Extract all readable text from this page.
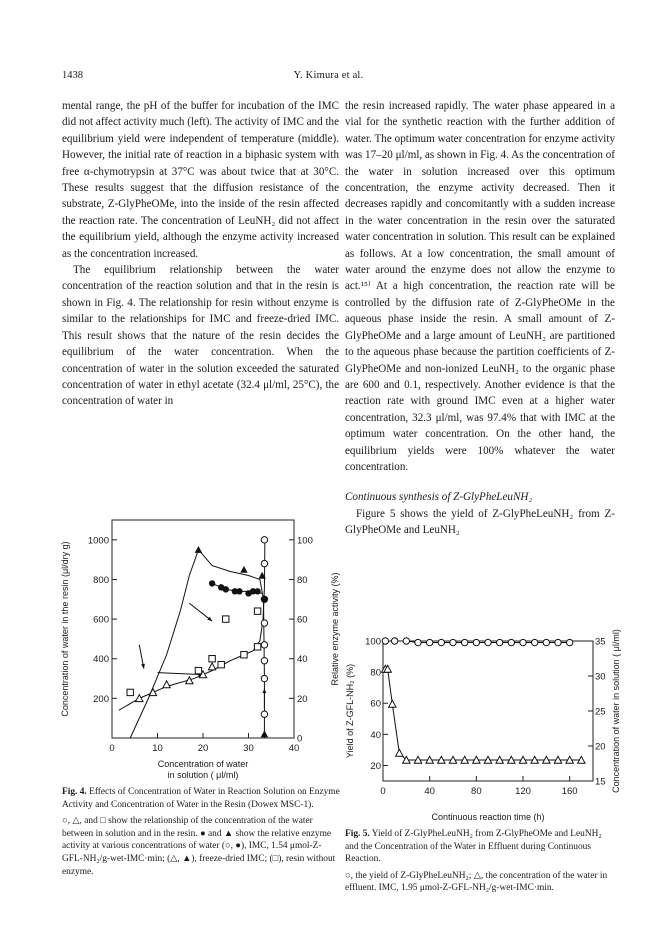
1438	Y. Kimura et al.

mental range, the pH of the buffer for incubation of the IMC did not affect activity much (left). The activity of IMC and the equilibrium yield were independent of temperature (middle). However, the initial rate of reaction in a biphasic system with free α-chymotrypsin at 37°C was about twice that at 30°C. These results suggest that the diffusion resistance of the substrate, Z-GlyPheOMe, into the inside of the resin affected the reaction rate. The concentration of LeuNH₂ did not affect the equilibrium yield, although the enzyme activity increased as the concentration increased.

The equilibrium relationship between the water concentration of the reaction solution and that in the resin is shown in Fig. 4. The relationship for resin without enzyme is similar to the relationships for IMC and freeze-dried IMC. This result shows that the nature of the resin decides the equilibrium of the water concentration. When the concentration of water in the solution exceeded the saturated concentration of water in ethyl acetate (32.4 μl/ml, 25°C), the concentration of water in

the resin increased rapidly. The water phase appeared in a vial for the synthetic reaction with the further addition of water. The optimum water concentration for enzyme activity was 17–20 μl/ml, as shown in Fig. 4. As the concentration of the water in solution increased over this optimum concentration, the enzyme activity decreased. Then it decreases rapidly and concomitantly with a sudden increase in the water concentration in the resin over the saturated water concentration in solution. This result can be explained as follows. At a low concentration, the small amount of water around the enzyme does not allow the enzyme to act.¹⁵⁾ At a high concentration, the reaction rate will be controlled by the diffusion rate of Z-GlyPheOMe in the aqueous phase inside the resin. A small amount of Z-GlyPheOMe and a large amount of LeuNH₂ are partitioned to the aqueous phase because the partition coefficients of Z-GlyPheOMe and non-ionized LeuNH₂ to the organic phase are 600 and 0.1, respectively. Another evidence is that the reaction rate with ground IMC even at a higher water concentration, 32.3 μl/ml, was 97.4% that with IMC at the optimum water concentration. On the other hand, the equilibrium yields were 100% whatever the water concentration.

Continuous synthesis of Z-GlyPheLeuNH₂

Figure 5 shows the yield of Z-GlyPheLeuNH₂ from Z-GlyPheOMe and LeuNH₂

0	10	20	30	40
200
400
600
800
1000
0
20
40
60
80
100
Concentration of water in the resin (μl/dry g)	Relative enzyme activity (%)
Concentration of water
in solution ( μl/ml)

Fig. 4. Effects of Concentration of Water in Reaction Solution on Enzyme Activity and Concentration of Water in the Resin (Dowex MSC-1).

○, △, and □ show the relationship of the concentration of the water between in solution and in the resin. ● and ▲ show the relative enzyme activity at various concentrations of water (○, ●), IMC, 1.54 μmol-Z-GFL-NH₂/g-wet-IMC·min; (△, ▲), freeze-dried IMC; (□), resin without enzyme.

0	40	80	120	160
20
40
60
80
100
15
20
25
30
35
Yield of Z-GFL-NH₂ (%)	Concentration of water in solution ( μl/ml)
Continuous reaction time (h)

Fig. 5. Yield of Z-GlyPheLeuNH₂ from Z-GlyPheOMe and LeuNH₂ and the Concentration of the Water in Effluent during Continuous Reaction.

○, the yield of Z-GlyPheLeuNH₂; △, the concentration of the water in effluent. IMC, 1.95 μmol-Z-GFL-NH₂/g-wet-IMC·min.
